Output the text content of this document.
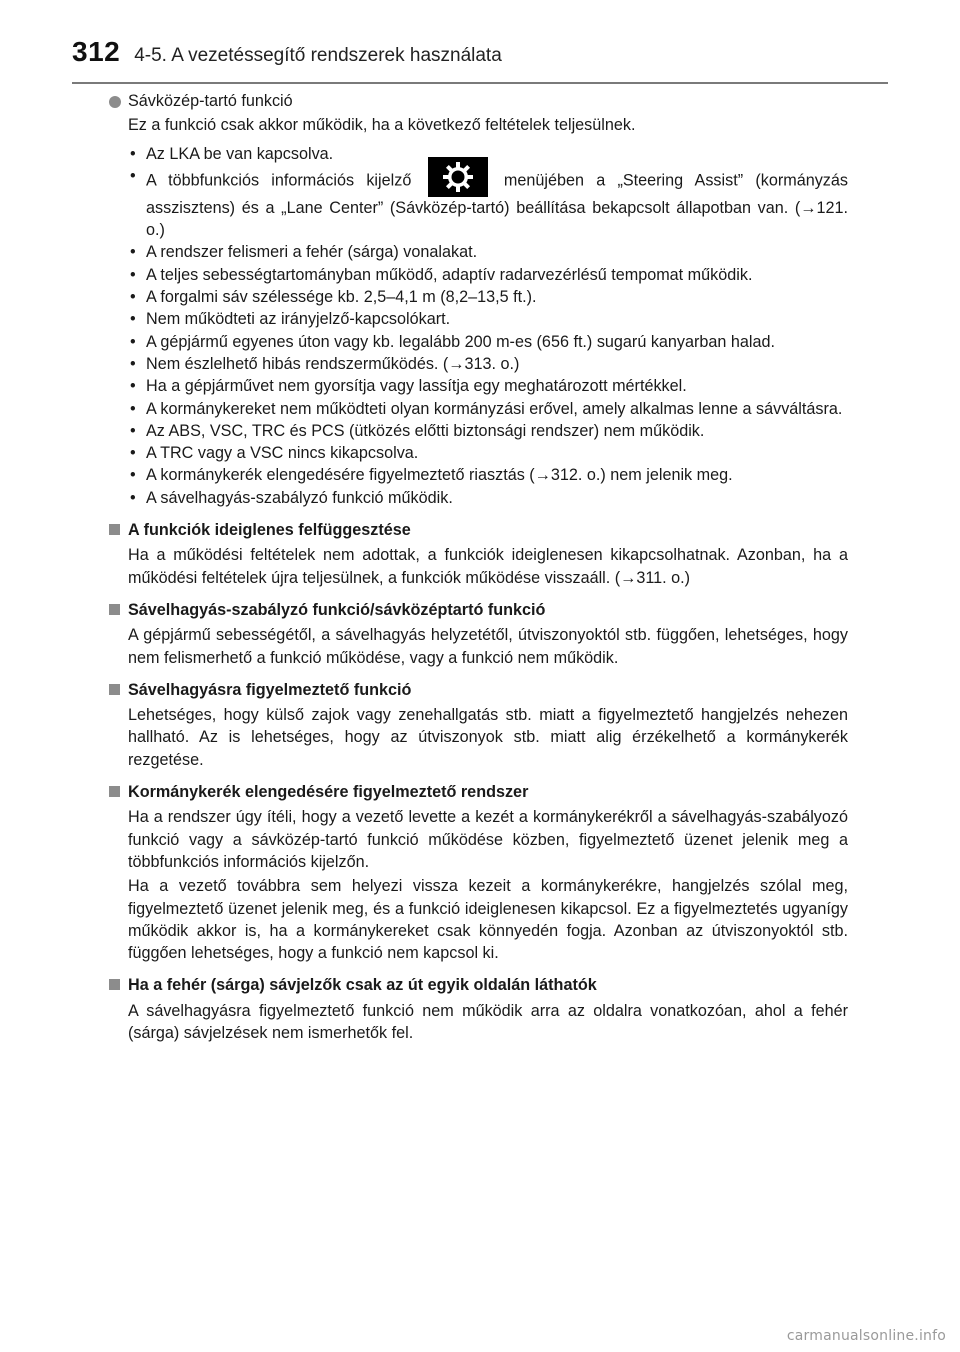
312 4-5. A vezetéssegítő rendszerek használata
Sávközép-tartó funkció
Ez a funkció csak akkor működik, ha a következő feltételek teljesülnek.
• Az LKA be van kapcsolva.
• A többfunkciós információs kijelző	menüjében a „Steering Assist” (kormányzás asszisztens) és a „Lane Center” (Sávközép-tartó) beállítása bekapcsolt állapotban van. (→121. o.)
• A rendszer felismeri a fehér (sárga) vonalakat.
• A teljes sebességtartományban működő, adaptív radarvezérlésű tempomat működik.
• A forgalmi sáv szélessége kb. 2,5–4,1 m (8,2–13,5 ft.).
• Nem működteti az irányjelző-kapcsolókart.
• A gépjármű egyenes úton vagy kb. legalább 200 m-es (656 ft.) sugarú kanyarban halad.
• Nem észlelhető hibás rendszerműködés. (→313. o.)
• Ha a gépjárművet nem gyorsítja vagy lassítja egy meghatározott mértékkel.
• A kormánykereket nem működteti olyan kormányzási erővel, amely alkalmas lenne a sávváltásra.
• Az ABS, VSC, TRC és PCS (ütközés előtti biztonsági rendszer) nem működik.
• A TRC vagy a VSC nincs kikapcsolva.
• A kormánykerék elengedésére figyelmeztető riasztás (→312. o.) nem jelenik meg.
• A sávelhagyás-szabályzó funkció működik.
A funkciók ideiglenes felfüggesztése
Ha a működési feltételek nem adottak, a funkciók ideiglenesen kikapcsolhatnak. Azonban, ha a működési feltételek újra teljesülnek, a funkciók működése visszaáll. (→311. o.)
Sávelhagyás-szabályzó funkció/sávközéptartó funkció
A gépjármű sebességétől, a sávelhagyás helyzetétől, útviszonyoktól stb. függően, lehetséges, hogy nem felismerhető a funkció működése, vagy a funkció nem működik.
Sávelhagyásra figyelmeztető funkció
Lehetséges, hogy külső zajok vagy zenehallgatás stb. miatt a figyelmeztető hangjelzés nehezen hallható. Az is lehetséges, hogy az útviszonyok stb. miatt alig érzékelhető a kormánykerék rezgetése.
Kormánykerék elengedésére figyelmeztető rendszer
Ha a rendszer úgy ítéli, hogy a vezető levette a kezét a kormánykerékről a sávelhagyás-szabályozó funkció vagy a sávközép-tartó funkció működése közben, figyelmeztető üzenet jelenik meg a többfunkciós információs kijelzőn.
Ha a vezető továbbra sem helyezi vissza kezeit a kormánykerékre, hangjelzés szólal meg, figyelmeztető üzenet jelenik meg, és a funkció ideiglenesen kikapcsol. Ez a figyelmeztetés ugyanígy működik akkor is, ha a kormánykereket csak könnyedén fogja. Azonban az útviszonyoktól stb. függően lehetséges, hogy a funkció nem kapcsol ki.
Ha a fehér (sárga) sávjelzők csak az út egyik oldalán láthatók
A sávelhagyásra figyelmeztető funkció nem működik arra az oldalra vonatkozóan, ahol a fehér (sárga) sávjelzések nem ismerhetők fel.
carmanualsonline.info
